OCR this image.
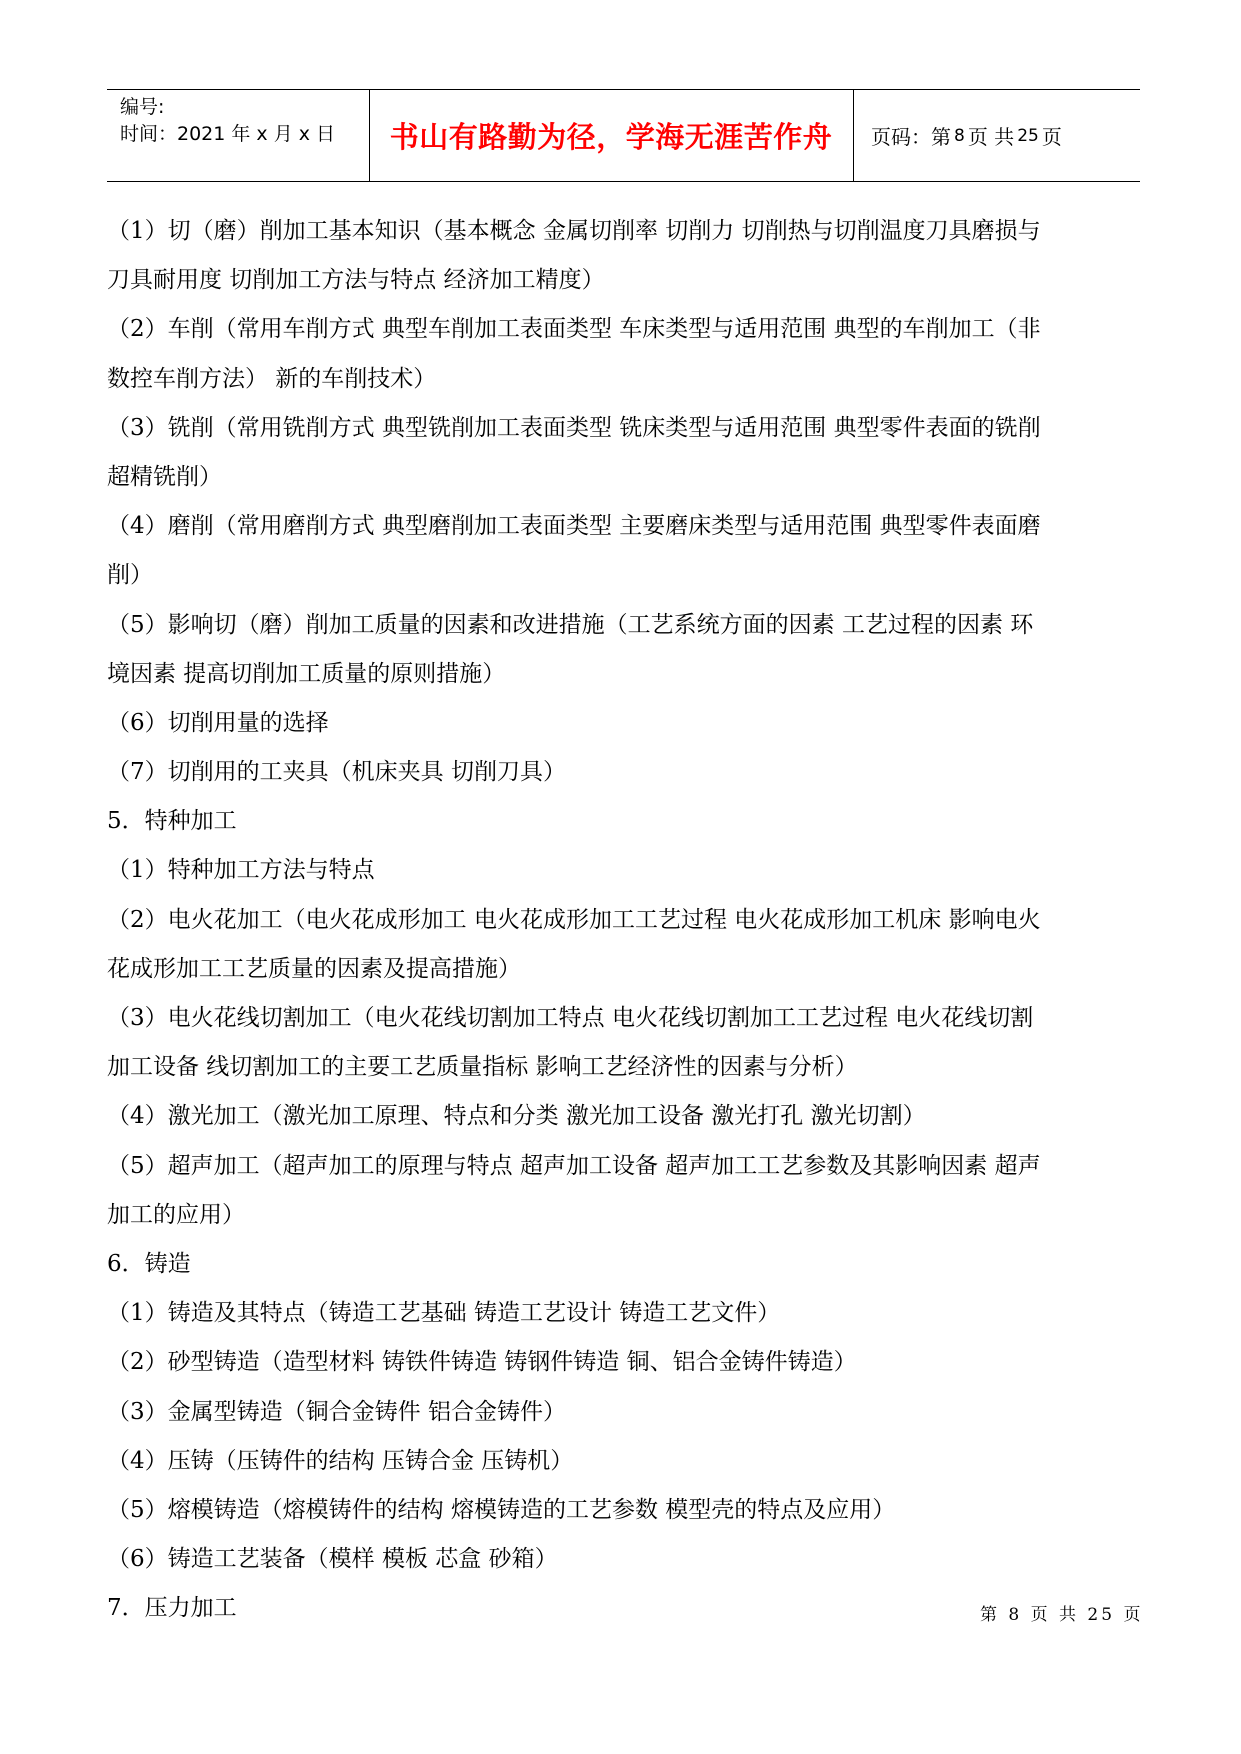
编号:
时间：2021 年 x 月 x 日	书山有路勤为径，学海无涯苦作舟	页码：第 8 页 共 25 页
（1）切（磨）削加工基本知识（基本概念 金属切削率 切削力 切削热与切削温度刀具磨损与
刀具耐用度 切削加工方法与特点 经济加工精度）
（2）车削（常用车削方式 典型车削加工表面类型 车床类型与适用范围 典型的车削加工（非
数控车削方法） 新的车削技术）
（3）铣削（常用铣削方式 典型铣削加工表面类型 铣床类型与适用范围 典型零件表面的铣削
超精铣削）
（4）磨削（常用磨削方式 典型磨削加工表面类型 主要磨床类型与适用范围 典型零件表面磨
削）
（5）影响切（磨）削加工质量的因素和改进措施（工艺系统方面的因素 工艺过程的因素 环
境因素 提高切削加工质量的原则措施）
（6）切削用量的选择
（7）切削用的工夹具（机床夹具 切削刀具）
5．特种加工
（1）特种加工方法与特点
（2）电火花加工（电火花成形加工 电火花成形加工工艺过程 电火花成形加工机床 影响电火
花成形加工工艺质量的因素及提高措施）
（3）电火花线切割加工（电火花线切割加工特点 电火花线切割加工工艺过程 电火花线切割
加工设备 线切割加工的主要工艺质量指标 影响工艺经济性的因素与分析）
（4）激光加工（激光加工原理、特点和分类 激光加工设备 激光打孔 激光切割）
（5）超声加工（超声加工的原理与特点 超声加工设备 超声加工工艺参数及其影响因素 超声
加工的应用）
6．铸造
（1）铸造及其特点（铸造工艺基础 铸造工艺设计 铸造工艺文件）
（2）砂型铸造（造型材料 铸铁件铸造 铸钢件铸造 铜、铝合金铸件铸造）
（3）金属型铸造（铜合金铸件 铝合金铸件）
（4）压铸（压铸件的结构 压铸合金 压铸机）
（5）熔模铸造（熔模铸件的结构 熔模铸造的工艺参数 模型壳的特点及应用）
（6）铸造工艺装备（模样 模板 芯盒 砂箱）
7．压力加工	第 8 页 共 25 页
